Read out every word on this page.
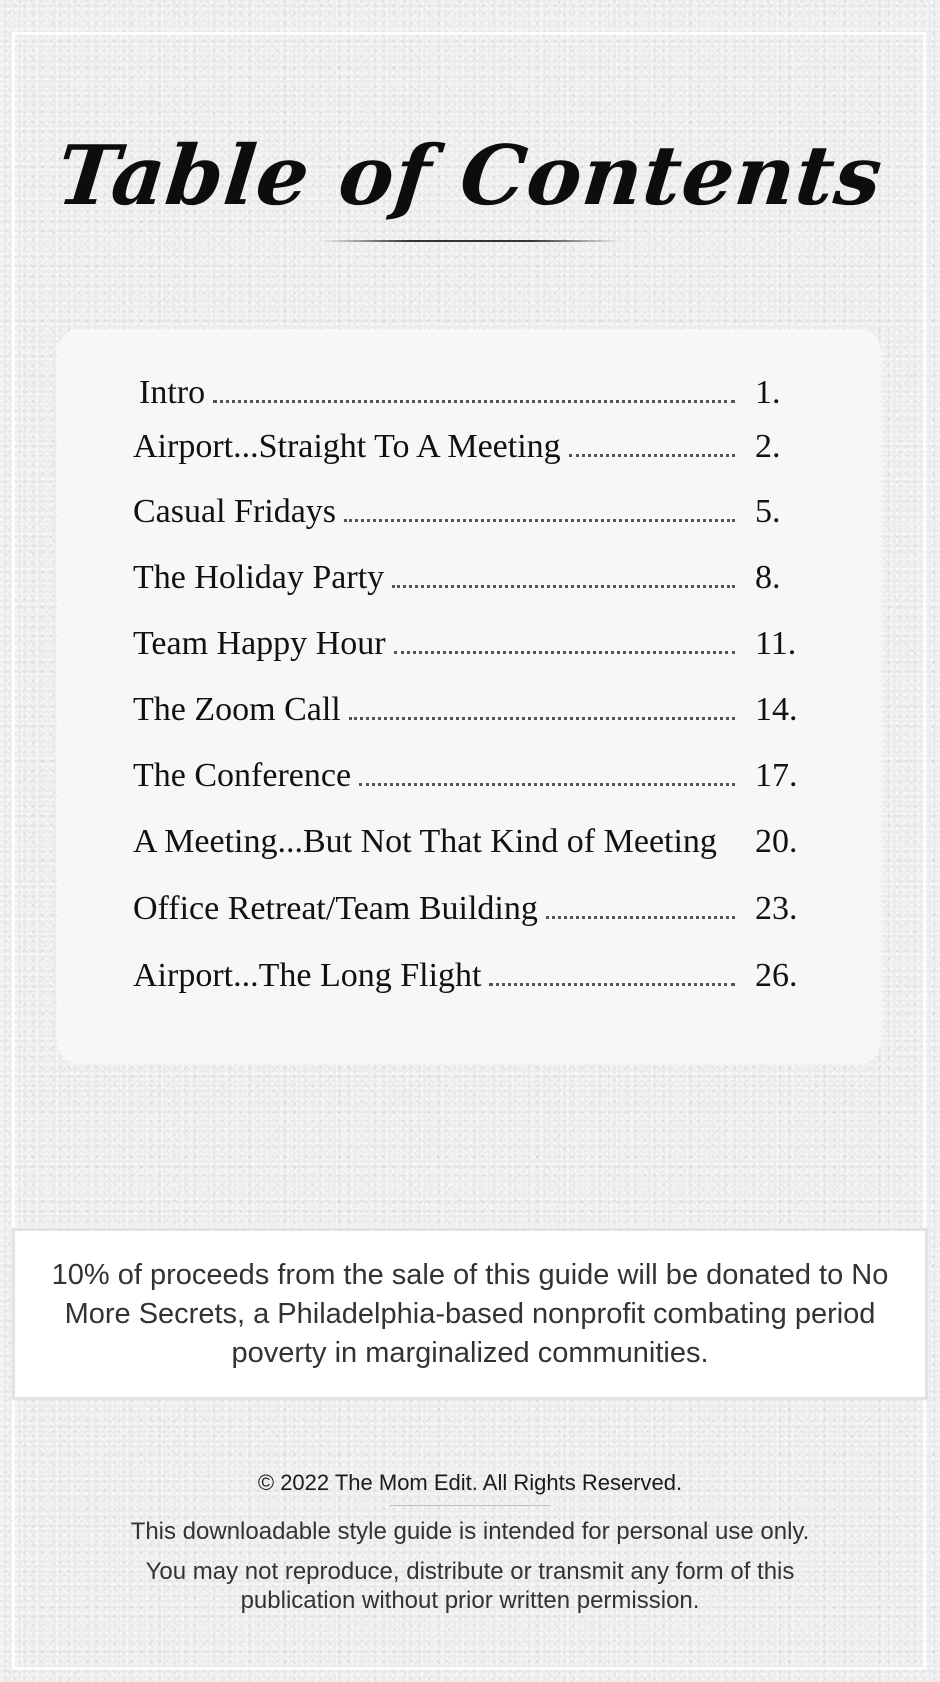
Table of Contents
Intro	1.
Airport...Straight To A Meeting	2.
Casual Fridays	5.
The Holiday Party	8.
Team Happy Hour	11.
The Zoom Call	14.
The Conference	17.
A Meeting...But Not That Kind of Meeting 20.
Office Retreat/Team Building	23.
Airport...The Long Flight	26.
10% of proceeds from the sale of this guide will be donated to No More Secrets, a Philadelphia-based nonprofit combating period poverty in marginalized communities.
© 2022 The Mom Edit. All Rights Reserved.
This downloadable style guide is intended for personal use only.
You may not reproduce, distribute or transmit any form of this
publication without prior written permission.
